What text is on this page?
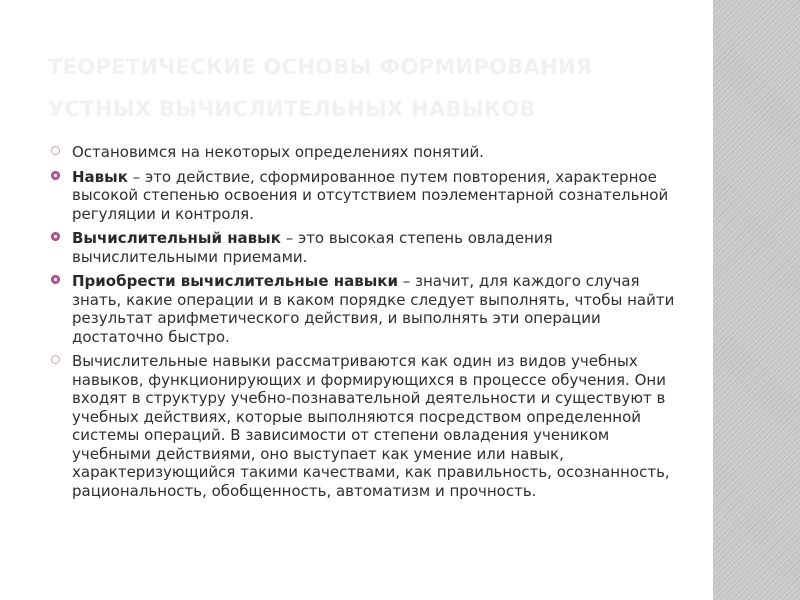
ТЕОРЕТИЧЕСКИЕ ОСНОВЫ ФОРМИРОВАНИЯ
УСТНЫХ ВЫЧИСЛИТЕЛЬНЫХ НАВЫКОВ
Остановимся на некоторых определениях понятий.
Навык – это действие, сформированное путем повторения, характерное высокой степенью освоения и отсутствием поэлементарной сознательной регуляции и контроля.
Вычислительный навык – это высокая степень овладения вычислительными приемами.
Приобрести вычислительные навыки – значит, для каждого случая знать, какие операции и в каком порядке следует выполнять, чтобы найти результат арифметического действия, и выполнять эти операции достаточно быстро.
Вычислительные навыки рассматриваются как один из видов учебных навыков, функционирующих и формирующихся в процессе обучения. Они входят в структуру учебно-познавательной деятельности и существуют в учебных действиях, которые выполняются посредством определенной системы операций. В зависимости от степени овладения учеником учебными действиями, оно выступает как умение или навык, характеризующийся такими качествами, как правильность, осознанность, рациональность, обобщенность, автоматизм и прочность.
